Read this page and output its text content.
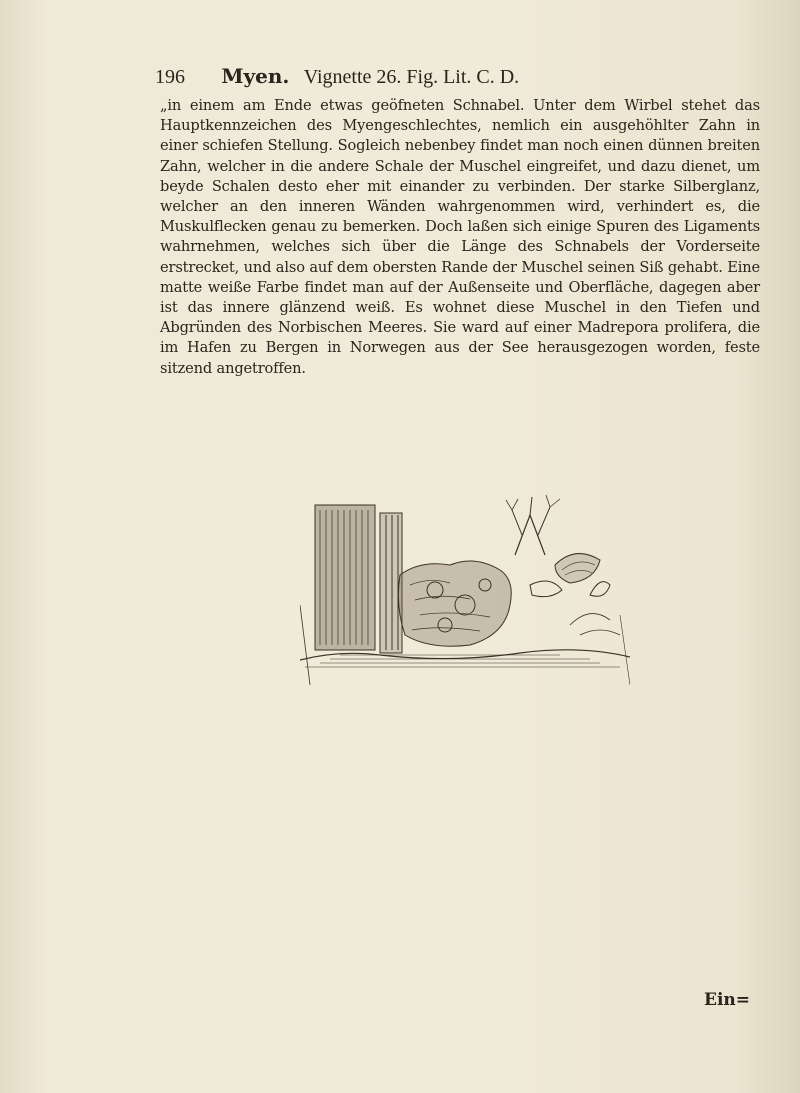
196 Myen. Vignette 26. Fig. Lit. C. D.

„in einem am Ende etwas geöfneten Schnabel. Unter dem Wirbel stehet das Hauptkennzeichen des Myengeschlechtes, nemlich ein ausgehöhlter Zahn in einer schiefen Stellung. Sogleich nebenbey findet man noch einen dünnen breiten Zahn, welcher in die andere Schale der Muschel eingreifet, und dazu dienet, um beyde Schalen desto eher mit einander zu verbinden. Der starke Silberglanz, welcher an den inneren Wänden wahrgenommen wird, verhindert es, die Muskulflecken genau zu bemerken. Doch laßen sich einige Spuren des Ligaments wahrnehmen, welches sich über die Länge des Schnabels der Vorderseite erstrecket, und also auf dem obersten Rande der Muschel seinen Siß gehabt. Eine matte weiße Farbe findet man auf der Außenseite und Oberfläche, dagegen aber ist das innere glänzend weiß. Es wohnet diese Muschel in den Tiefen und Abgründen des Norbischen Meeres. Sie ward auf einer Madrepora prolifera, die im Hafen zu Bergen in Norwegen aus der See herausgezogen worden, feste sitzend angetroffen.

Ein=
